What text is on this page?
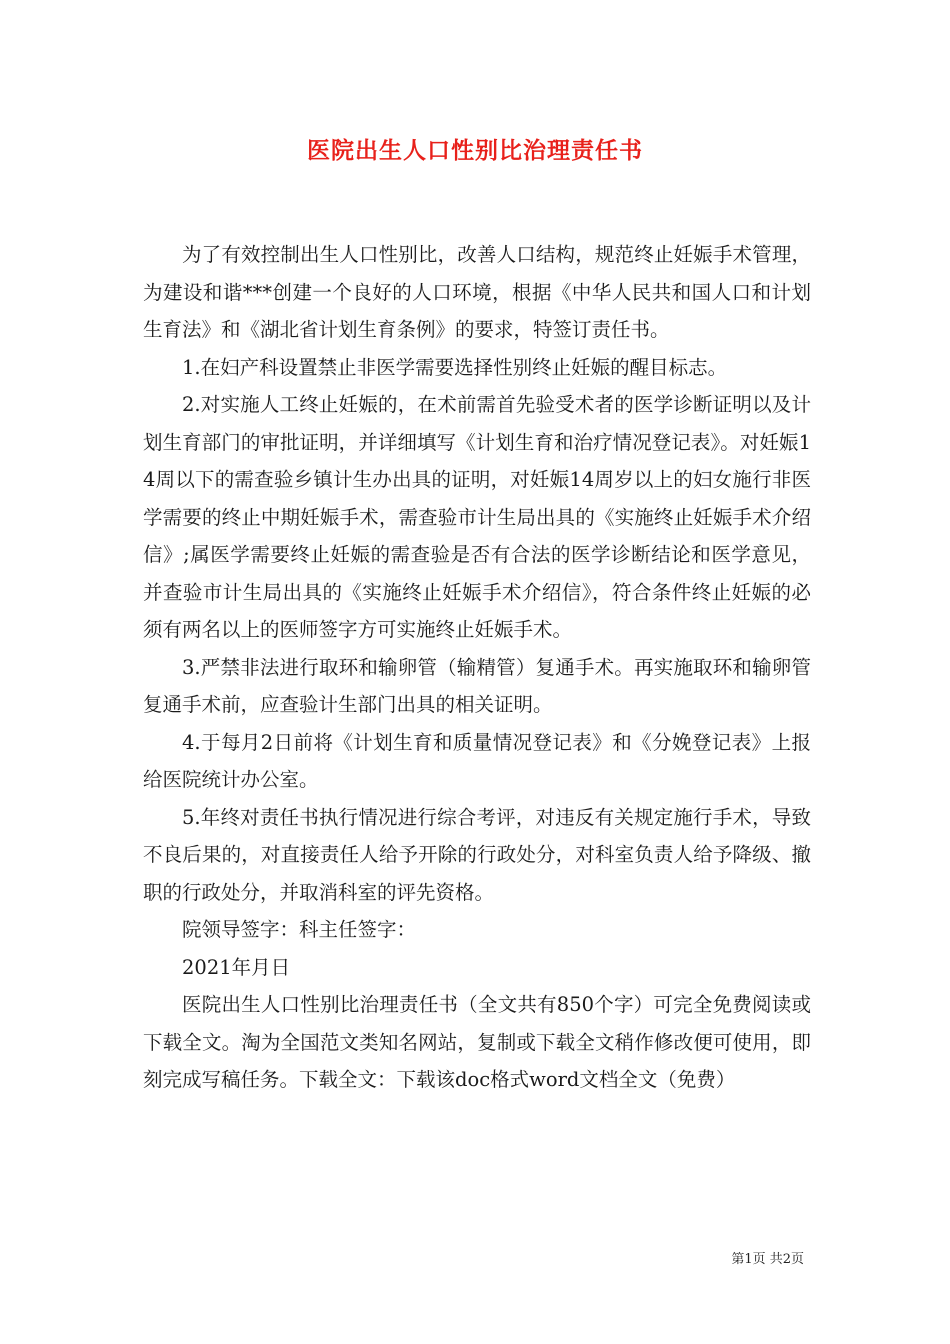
医院出生人口性别比治理责任书

为了有效控制出生人口性别比，改善人口结构，规范终止妊娠手术管理，为建设和谐***创建一个良好的人口环境，根据《中华人民共和国人口和计划生育法》和《湖北省计划生育条例》的要求，特签订责任书。

1.在妇产科设置禁止非医学需要选择性别终止妊娠的醒目标志。

2.对实施人工终止妊娠的，在术前需首先验受术者的医学诊断证明以及计划生育部门的审批证明，并详细填写《计划生育和治疗情况登记表》。对妊娠14周以下的需查验乡镇计生办出具的证明，对妊娠14周岁以上的妇女施行非医学需要的终止中期妊娠手术，需查验市计生局出具的《实施终止妊娠手术介绍信》;属医学需要终止妊娠的需查验是否有合法的医学诊断结论和医学意见，并查验市计生局出具的《实施终止妊娠手术介绍信》，符合条件终止妊娠的必须有两名以上的医师签字方可实施终止妊娠手术。

3.严禁非法进行取环和输卵管（输精管）复通手术。再实施取环和输卵管复通手术前，应查验计生部门出具的相关证明。

4.于每月2日前将《计划生育和质量情况登记表》和《分娩登记表》上报给医院统计办公室。

5.年终对责任书执行情况进行综合考评，对违反有关规定施行手术，导致不良后果的，对直接责任人给予开除的行政处分，对科室负责人给予降级、撤职的行政处分，并取消科室的评先资格。

院领导签字：科主任签字：

2021年月日

医院出生人口性别比治理责任书（全文共有850个字）可完全免费阅读或下载全文。淘为全国范文类知名网站，复制或下载全文稍作修改便可使用，即刻完成写稿任务。下载全文：下载该doc格式word文档全文（免费）

第1页 共2页
